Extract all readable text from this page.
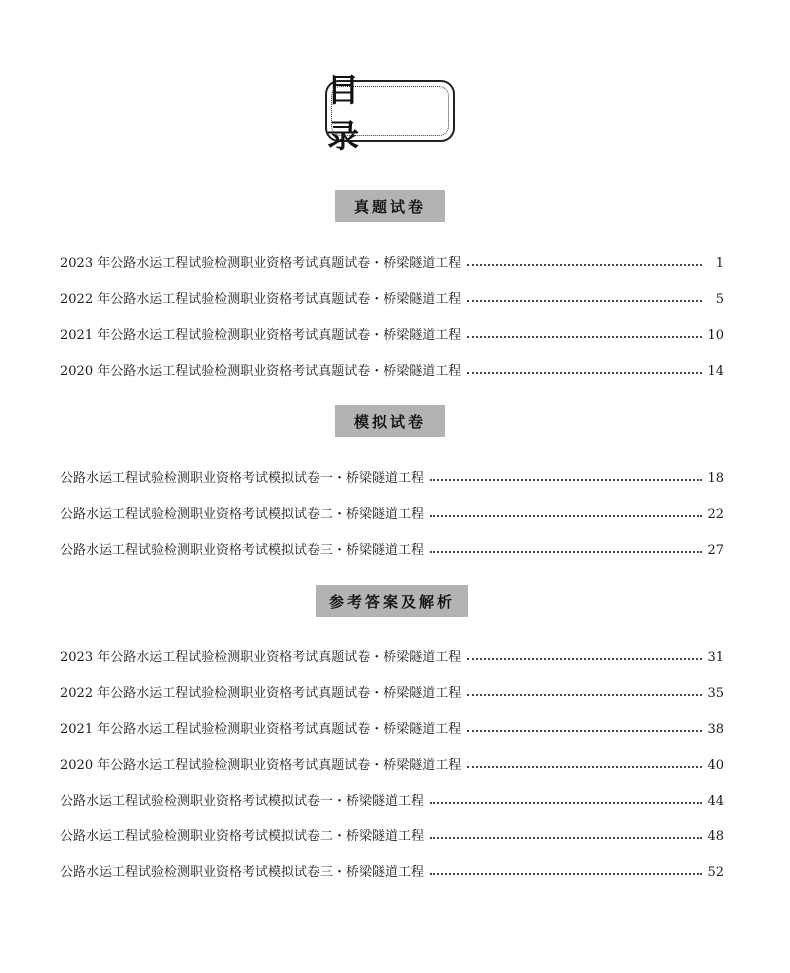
目 录
真题试卷
2023 年公路水运工程试验检测职业资格考试真题试卷・桥梁隧道工程	1
2022 年公路水运工程试验检测职业资格考试真题试卷・桥梁隧道工程	5
2021 年公路水运工程试验检测职业资格考试真题试卷・桥梁隧道工程	10
2020 年公路水运工程试验检测职业资格考试真题试卷・桥梁隧道工程	14
模拟试卷
公路水运工程试验检测职业资格考试模拟试卷一・桥梁隧道工程	18
公路水运工程试验检测职业资格考试模拟试卷二・桥梁隧道工程	22
公路水运工程试验检测职业资格考试模拟试卷三・桥梁隧道工程	27
参考答案及解析
2023 年公路水运工程试验检测职业资格考试真题试卷・桥梁隧道工程	31
2022 年公路水运工程试验检测职业资格考试真题试卷・桥梁隧道工程	35
2021 年公路水运工程试验检测职业资格考试真题试卷・桥梁隧道工程	38
2020 年公路水运工程试验检测职业资格考试真题试卷・桥梁隧道工程	40
公路水运工程试验检测职业资格考试模拟试卷一・桥梁隧道工程	44
公路水运工程试验检测职业资格考试模拟试卷二・桥梁隧道工程	48
公路水运工程试验检测职业资格考试模拟试卷三・桥梁隧道工程	52
